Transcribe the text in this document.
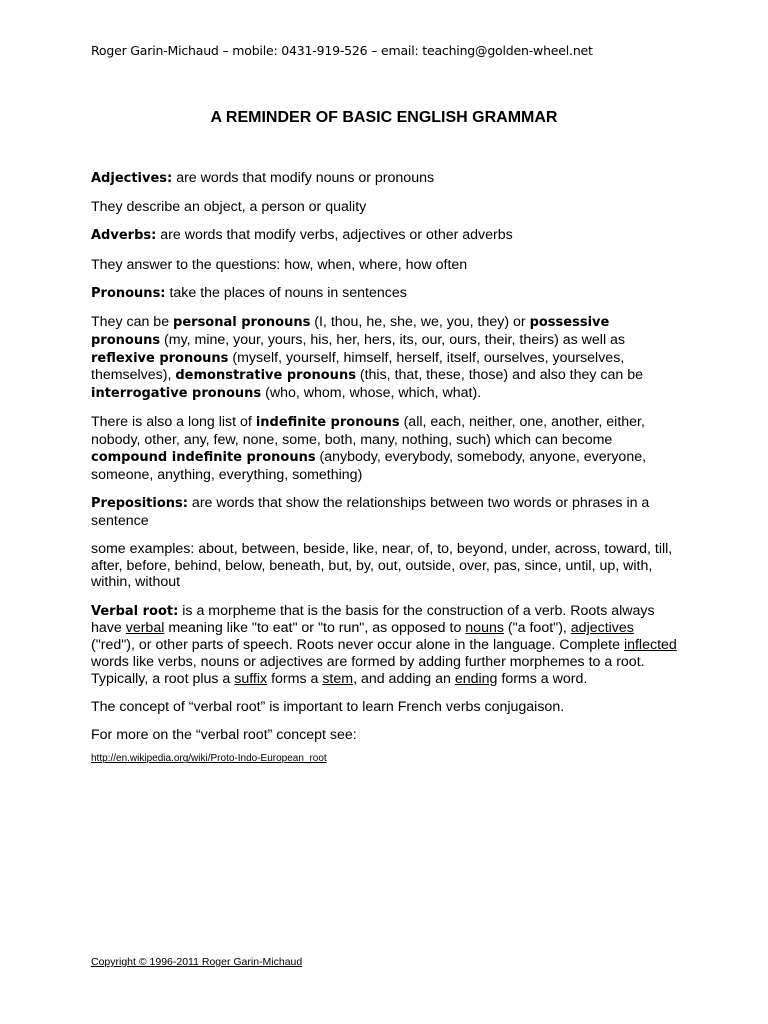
Roger Garin-Michaud – mobile: 0431-919-526 – email: teaching@golden-wheel.net
A REMINDER OF BASIC ENGLISH GRAMMAR

Adjectives: are words that modify nouns or pronouns

They describe an object, a person or quality

Adverbs: are words that modify verbs, adjectives or other adverbs

They answer to the questions: how, when, where, how often

Pronouns: take the places of nouns in sentences

They can be personal pronouns (I, thou, he, she, we, you, they) or possessive pronouns (my, mine, your, yours, his, her, hers, its, our, ours, their, theirs) as well as reflexive pronouns (myself, yourself, himself, herself, itself, ourselves, yourselves, themselves), demonstrative pronouns (this, that, these, those) and also they can be interrogative pronouns (who, whom, whose, which, what).

There is also a long list of indefinite pronouns (all, each, neither, one, another, either, nobody, other, any, few, none, some, both, many, nothing, such) which can become compound indefinite pronouns (anybody, everybody, somebody, anyone, everyone, someone, anything, everything, something)

Prepositions: are words that show the relationships between two words or phrases in a sentence

some examples: about, between, beside, like, near, of, to, beyond, under, across, toward, till, after, before, behind, below, beneath, but, by, out, outside, over, pas, since, until, up, with, within, without

Verbal root: is a morpheme that is the basis for the construction of a verb. Roots always have verbal meaning like "to eat" or "to run", as opposed to nouns ("a foot"), adjectives ("red"), or other parts of speech. Roots never occur alone in the language. Complete inflected words like verbs, nouns or adjectives are formed by adding further morphemes to a root. Typically, a root plus a suffix forms a stem, and adding an ending forms a word.

The concept of “verbal root” is important to learn French verbs conjugaison.

For more on the “verbal root” concept see:

http://en.wikipedia.org/wiki/Proto-Indo-European_root
Copyright © 1996-2011 Roger Garin-Michaud
